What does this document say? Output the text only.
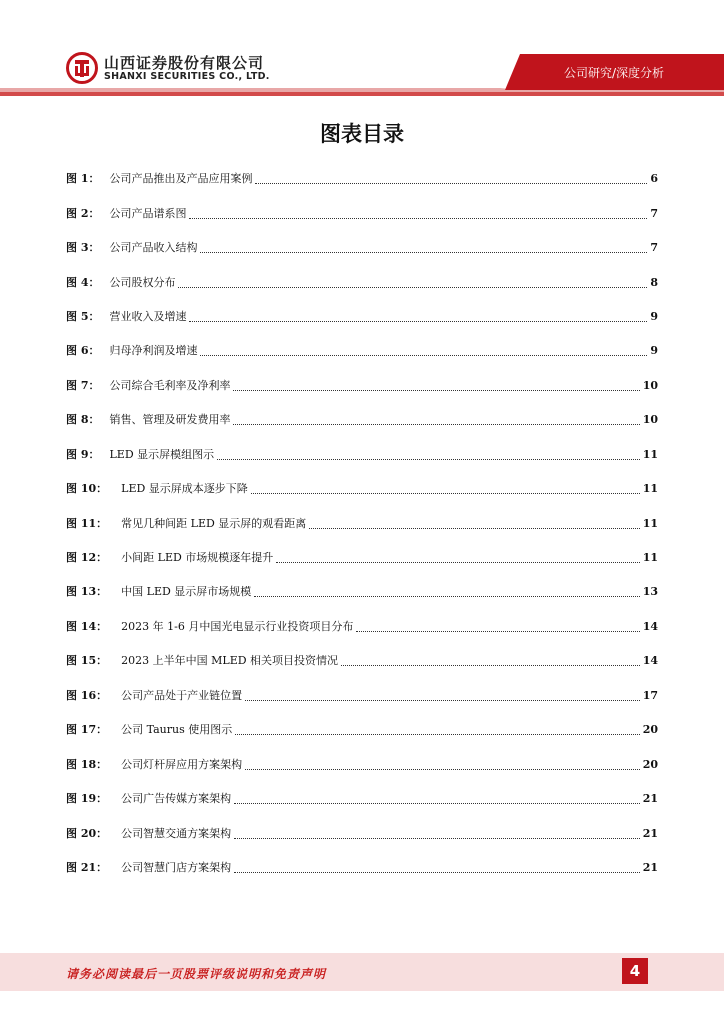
山西证券股份有限公司
SHANXI SECURITIES CO., LTD.	公司研究/深度分析
图表目录
图 1： 公司产品推出及产品应用案例	6
图 2： 公司产品谱系图	7
图 3： 公司产品收入结构	7
图 4： 公司股权分布	8
图 5： 营业收入及增速	9
图 6： 归母净利润及增速	9
图 7： 公司综合毛利率及净利率	10
图 8： 销售、管理及研发费用率	10
图 9： LED 显示屏模组图示	11
图 10： LED 显示屏成本逐步下降	11
图 11： 常见几种间距 LED 显示屏的观看距离	11
图 12： 小间距 LED 市场规模逐年提升	11
图 13： 中国 LED 显示屏市场规模	13
图 14： 2023 年 1-6 月中国光电显示行业投资项目分布	14
图 15： 2023 上半年中国 MLED 相关项目投资情况	14
图 16： 公司产品处于产业链位置	17
图 17： 公司 Taurus 使用图示	20
图 18： 公司灯杆屏应用方案架构	20
图 19： 公司广告传媒方案架构	21
图 20： 公司智慧交通方案架构	21
图 21： 公司智慧门店方案架构	21
请务必阅读最后一页股票评级说明和免责声明	4
